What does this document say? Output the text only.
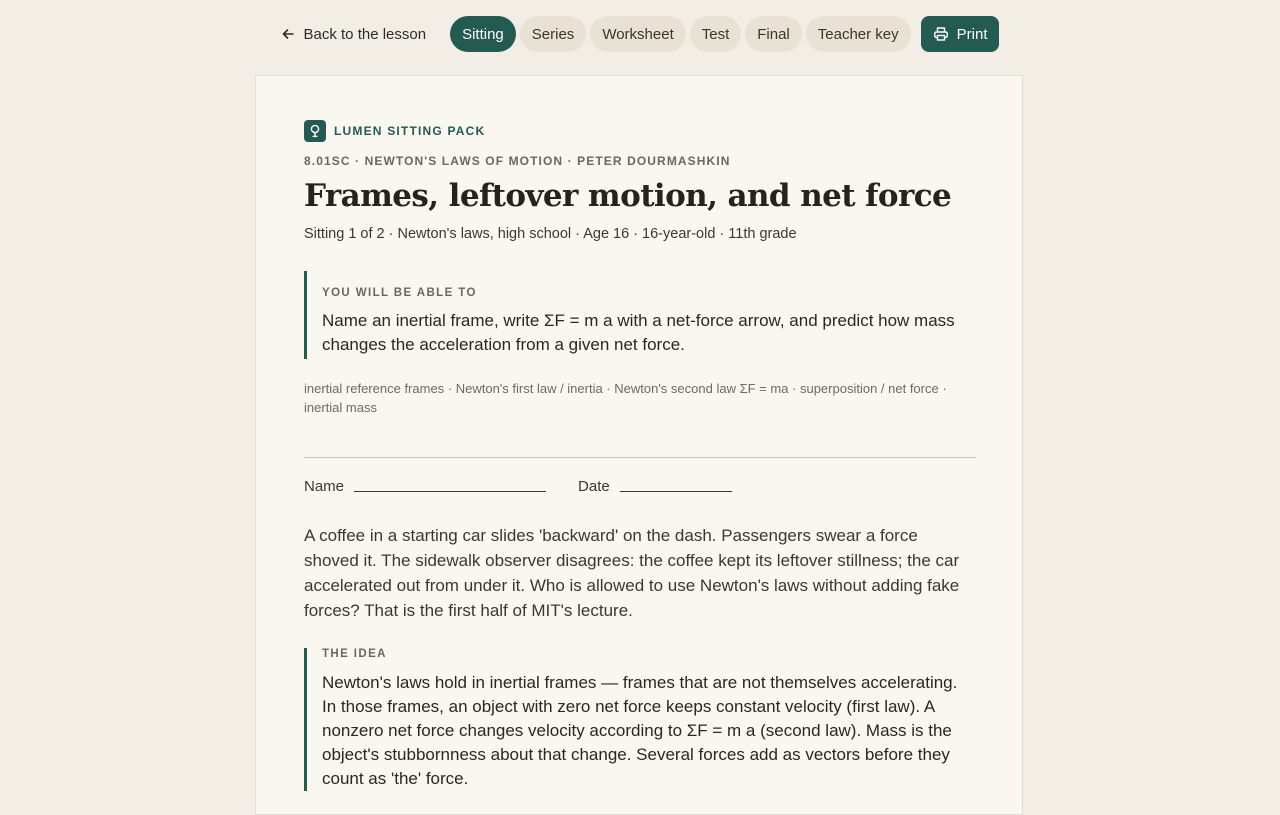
Back to the lesson	Sitting	Series	Worksheet	Test	Final	Teacher key	Print
LUMEN SITTING PACK
8.01SC · NEWTON'S LAWS OF MOTION · PETER DOURMASHKIN
Frames, leftover motion, and net force
Sitting 1 of 2 · Newton's laws, high school · Age 16 · 16-year-old · 11th grade
YOU WILL BE ABLE TO
Name an inertial frame, write ΣF = m a with a net-force arrow, and predict how mass changes the acceleration from a given net force.
inertial reference frames · Newton's first law / inertia · Newton's second law ΣF = ma · superposition / net force · inertial mass
Name	Date
A coffee in a starting car slides 'backward' on the dash. Passengers swear a force shoved it. The sidewalk observer disagrees: the coffee kept its leftover stillness; the car accelerated out from under it. Who is allowed to use Newton's laws without adding fake forces? That is the first half of MIT's lecture.
THE IDEA
Newton's laws hold in inertial frames — frames that are not themselves accelerating. In those frames, an object with zero net force keeps constant velocity (first law). A nonzero net force changes velocity according to ΣF = m a (second law). Mass is the object's stubbornness about that change. Several forces add as vectors before they count as 'the' force.
